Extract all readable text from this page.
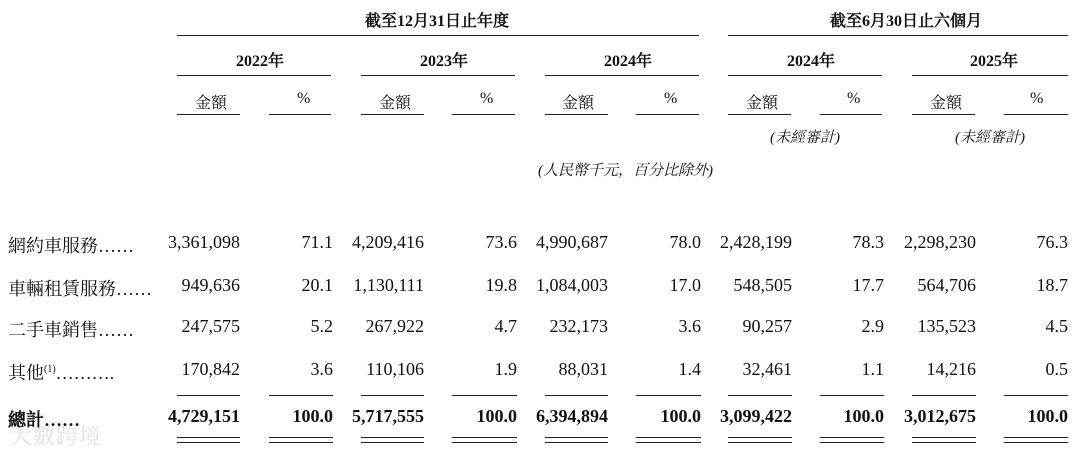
截至12月31日止年度	截至6月30日止六個月
2022年	2023年	2024年	2024年	2025年
金額	%	金額	%	金額	%	金額	%	金額	%
(未經審計)	(未經審計)
(人民幣千元，百分比除外)
網約車服務……	3,361,098	71.1	4,209,416	73.6	4,990,687	78.0	2,428,199	78.3	2,298,230	76.3
車輛租賃服務……	949,636	20.1	1,130,111	19.8	1,084,003	17.0	548,505	17.7	564,706	18.7
二手車銷售……	247,575	5.2	267,922	4.7	232,173	3.6	90,257	2.9	135,523	4.5
其他$^{(1)}$……….	170,842	3.6	110,106	1.9	88,031	1.4	32,461	1.1	14,216	0.5
總計……	4,729,151	100.0	5,717,555	100.0	6,394,894	100.0	3,099,422	100.0	3,012,675	100.0
大數跨境
